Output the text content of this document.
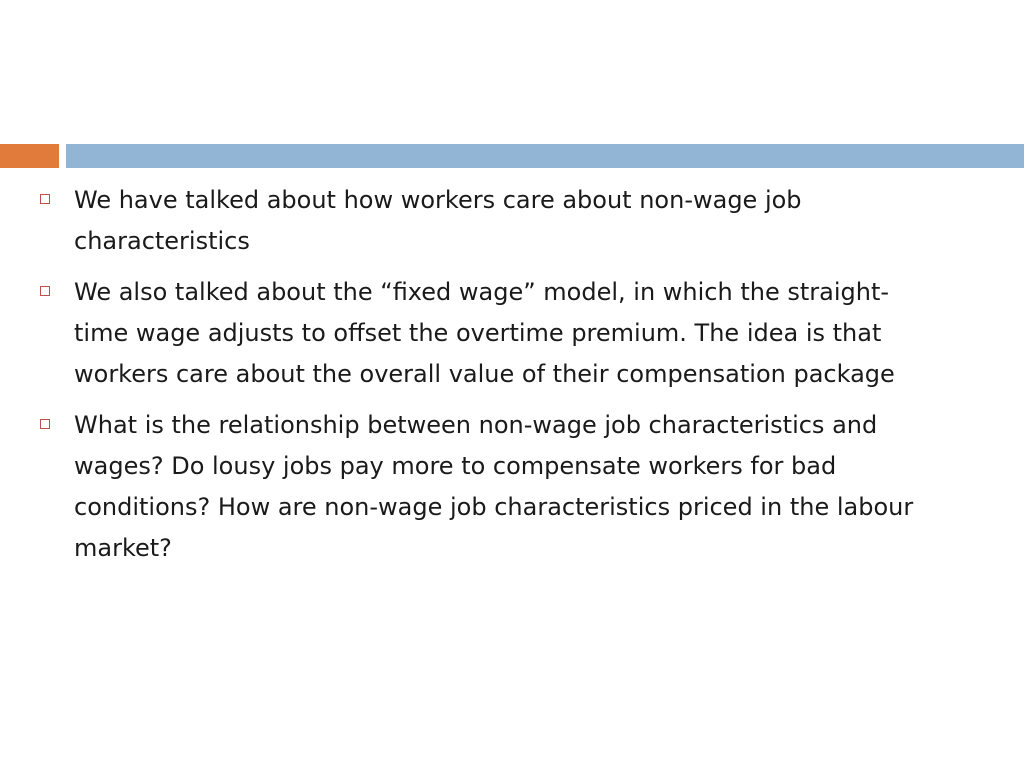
We have talked about how workers care about non-wage job characteristics
We also talked about the “fixed wage” model, in which the straight-time wage adjusts to offset the overtime premium. The idea is that workers care about the overall value of their compensation package
What is the relationship between non-wage job characteristics and wages? Do lousy jobs pay more to compensate workers for bad conditions? How are non-wage job characteristics priced in the labour market?
